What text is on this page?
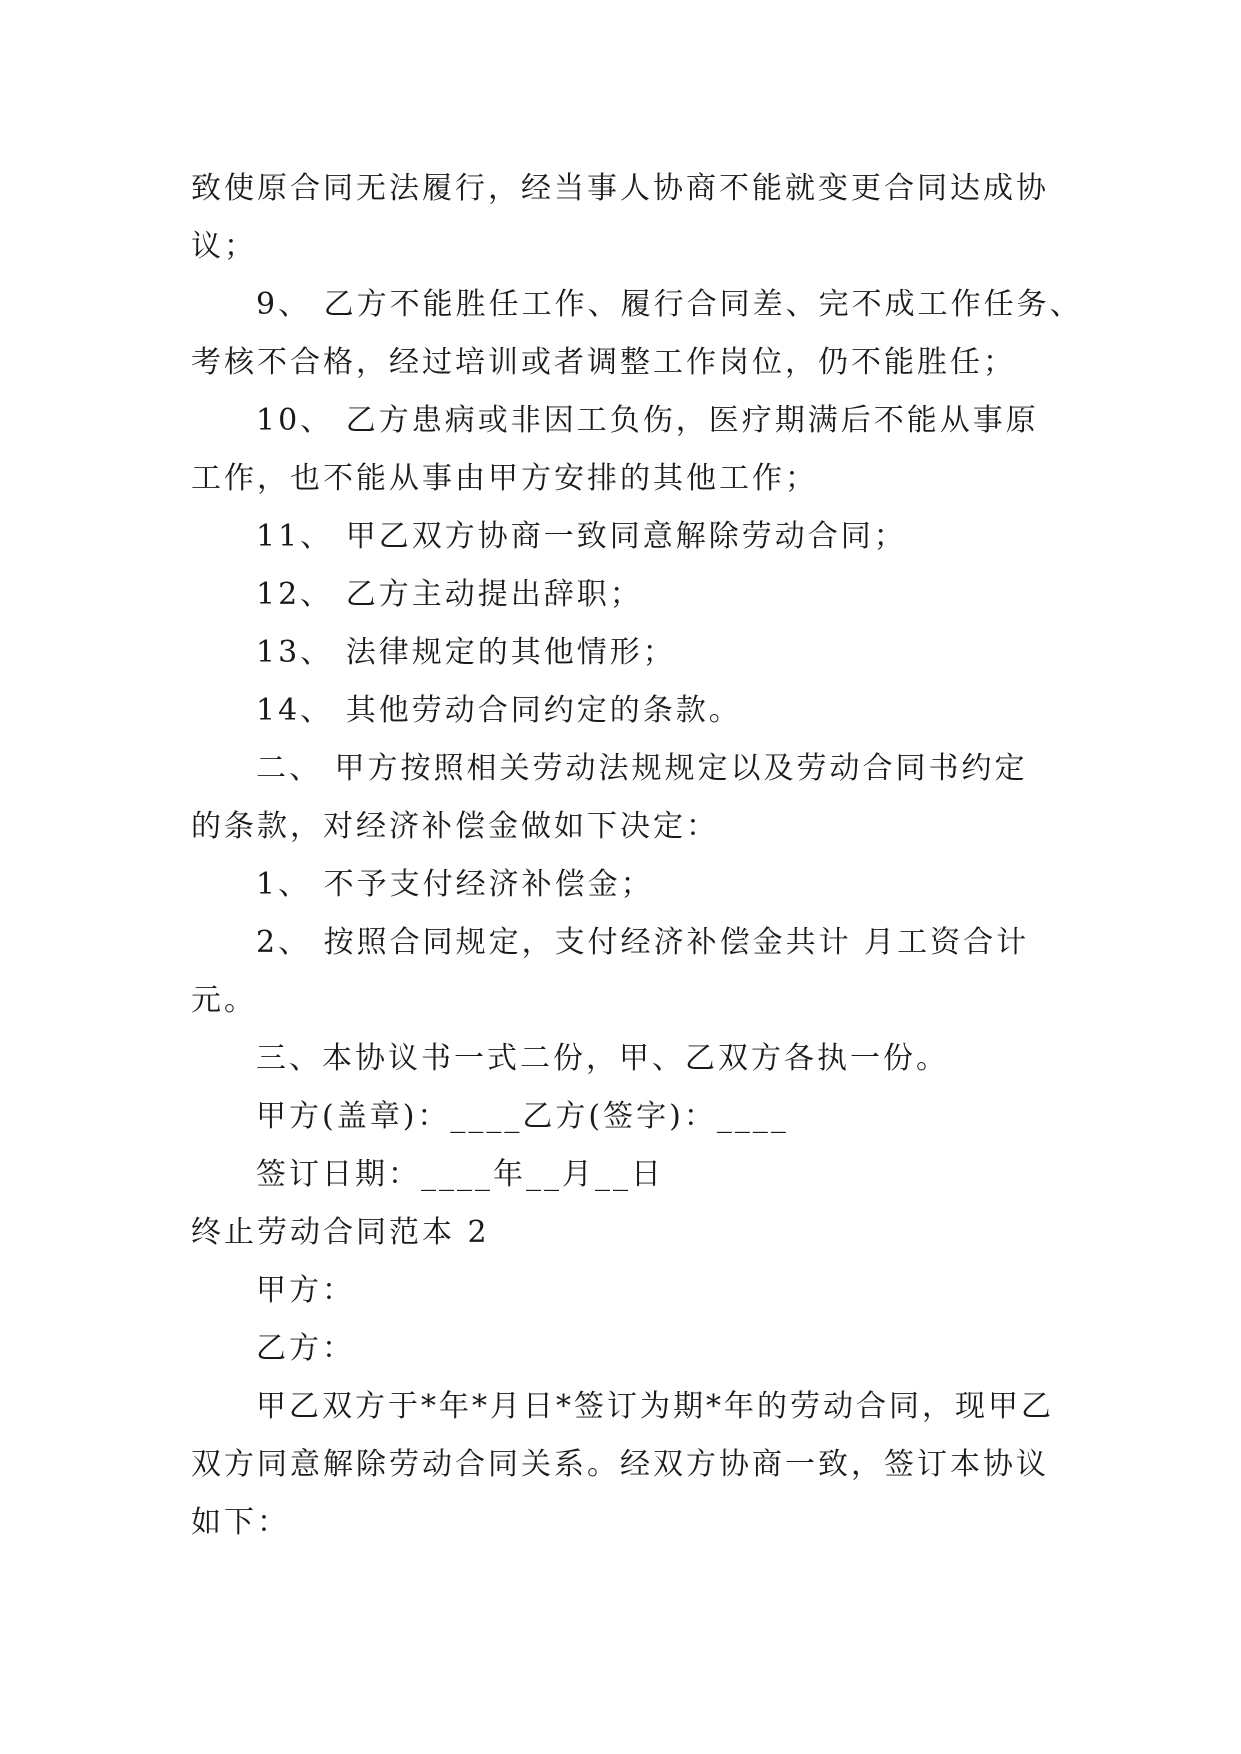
致使原合同无法履行，经当事人协商不能就变更合同达成协
议；
9、 乙方不能胜任工作、履行合同差、完不成工作任务、
考核不合格，经过培训或者调整工作岗位，仍不能胜任；
10、 乙方患病或非因工负伤，医疗期满后不能从事原
工作，也不能从事由甲方安排的其他工作；
11、 甲乙双方协商一致同意解除劳动合同；
12、 乙方主动提出辞职；
13、 法律规定的其他情形；
14、 其他劳动合同约定的条款。
二、 甲方按照相关劳动法规规定以及劳动合同书约定
的条款，对经济补偿金做如下决定：
1、 不予支付经济补偿金；
2、 按照合同规定，支付经济补偿金共计 月工资合计
元。
三、本协议书一式二份，甲、乙双方各执一份。
甲方(盖章)：____乙方(签字)：____
签订日期：____年__月__日
终止劳动合同范本 2
甲方：
乙方：
甲乙双方于*年*月日*签订为期*年的劳动合同，现甲乙
双方同意解除劳动合同关系。经双方协商一致，签订本协议
如下：
